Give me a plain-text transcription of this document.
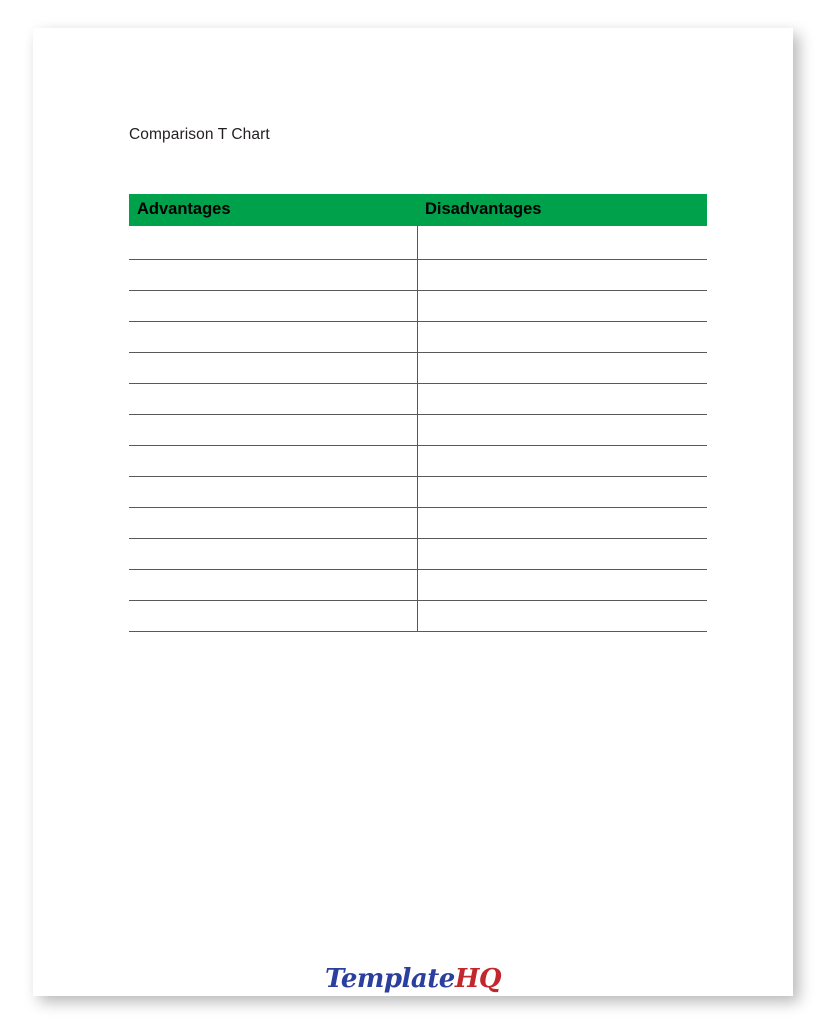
Comparison T Chart
Advantages	Disadvantages

TemplateHQ
